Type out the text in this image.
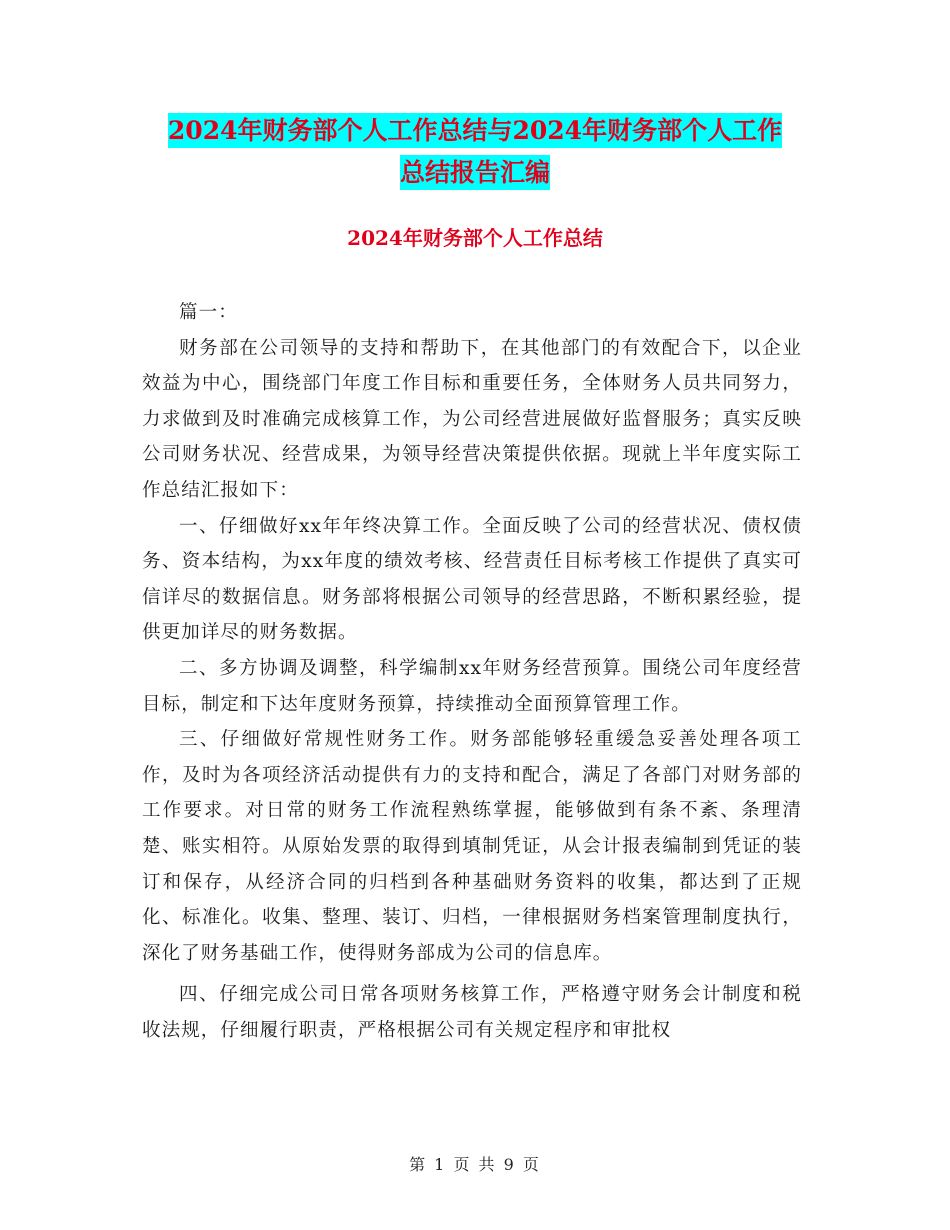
2024年财务部个人工作总结与2024年财务部个人工作
总结报告汇编
2024年财务部个人工作总结

篇一：

财务部在公司领导的支持和帮助下，在其他部门的有效配合下，以企业效益为中心，围绕部门年度工作目标和重要任务，全体财务人员共同努力，力求做到及时准确完成核算工作，为公司经营进展做好监督服务；真实反映公司财务状况、经营成果，为领导经营决策提供依据。现就上半年度实际工作总结汇报如下：

一、仔细做好xx年年终决算工作。全面反映了公司的经营状况、债权债务、资本结构，为xx年度的绩效考核、经营责任目标考核工作提供了真实可信详尽的数据信息。财务部将根据公司领导的经营思路，不断积累经验，提供更加详尽的财务数据。

二、多方协调及调整，科学编制xx年财务经营预算。围绕公司年度经营目标，制定和下达年度财务预算，持续推动全面预算管理工作。

三、仔细做好常规性财务工作。财务部能够轻重缓急妥善处理各项工作，及时为各项经济活动提供有力的支持和配合，满足了各部门对财务部的工作要求。对日常的财务工作流程熟练掌握，能够做到有条不紊、条理清楚、账实相符。从原始发票的取得到填制凭证，从会计报表编制到凭证的装订和保存，从经济合同的归档到各种基础财务资料的收集，都达到了正规化、标准化。收集、整理、装订、归档，一律根据财务档案管理制度执行，深化了财务基础工作，使得财务部成为公司的信息库。

四、仔细完成公司日常各项财务核算工作，严格遵守财务会计制度和税收法规，仔细履行职责，严格根据公司有关规定程序和审批权

第 1 页 共 9 页
